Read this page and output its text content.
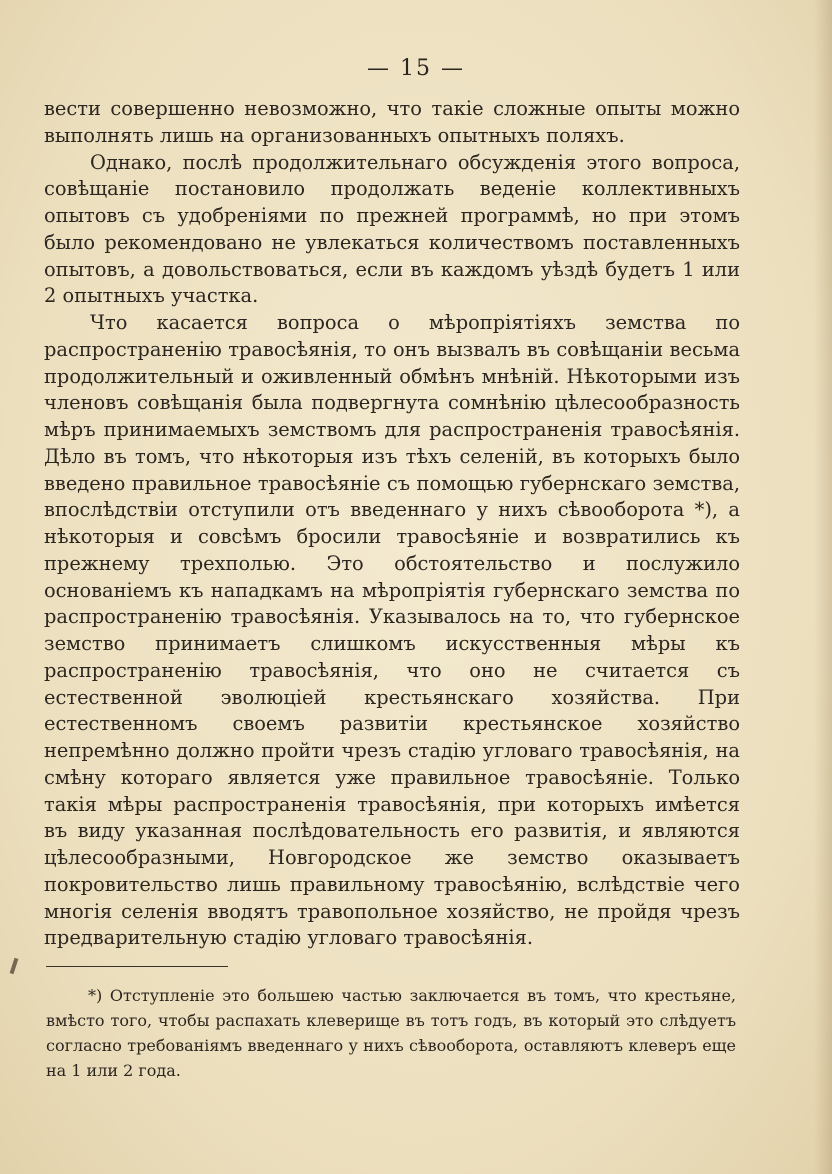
— 15 —

вести совершенно невозможно, что такіе сложные опыты можно выполнять лишь на организованныхъ опытныхъ поляхъ.

Однако, послѣ продолжительнаго обсужденія этого вопроса, совѣщаніе постановило продолжать веденіе коллективныхъ опытовъ съ удобреніями по прежней программѣ, но при этомъ было рекомендовано не увлекаться количествомъ поставленныхъ опытовъ, а довольствоваться, если въ каждомъ уѣздѣ будетъ 1 или 2 опытныхъ участка.

Что касается вопроса о мѣропріятіяхъ земства по распространенію травосѣянія, то онъ вызвалъ въ совѣщаніи весьма продолжительный и оживленный обмѣнъ мнѣній. Нѣкоторыми изъ членовъ совѣщанія была подвергнута сомнѣнію цѣлесообразность мѣръ принимаемыхъ земствомъ для распространенія травосѣянія. Дѣло въ томъ, что нѣкоторыя изъ тѣхъ селеній, въ которыхъ было введено правильное травосѣяніе съ помощью губернскаго земства, впослѣдствіи отступили отъ введеннаго у нихъ сѣвооборота *), а нѣкоторыя и совсѣмъ бросили травосѣяніе и возвратились къ прежнему трехполью. Это обстоятельство и послужило основаніемъ къ нападкамъ на мѣропріятія губернскаго земства по распространенію травосѣянія. Указывалось на то, что губернское земство принимаетъ слишкомъ искусственныя мѣры къ распространенію травосѣянія, что оно не считается съ естественной эволюціей крестьянскаго хозяйства. При естественномъ своемъ развитіи крестьянское хозяйство непремѣнно должно пройти чрезъ стадію угловаго травосѣянія, на смѣну котораго является уже правильное травосѣяніе. Только такія мѣры распространенія травосѣянія, при которыхъ имѣется въ виду указанная послѣдовательность его развитія, и являются цѣлесообразными, Новгородское же земство оказываетъ покровительство лишь правильному травосѣянію, вслѣдствіе чего многія селенія вводятъ травопольное хозяйство, не пройдя чрезъ предварительную стадію угловаго травосѣянія.

*) Отступленіе это большею частью заключается въ томъ, что крестьяне, вмѣсто того, чтобы распахать клеверище въ тотъ годъ, въ который это слѣдуетъ согласно требованіямъ введеннаго у нихъ сѣвооборота, оставляютъ клеверъ еще на 1 или 2 года.
